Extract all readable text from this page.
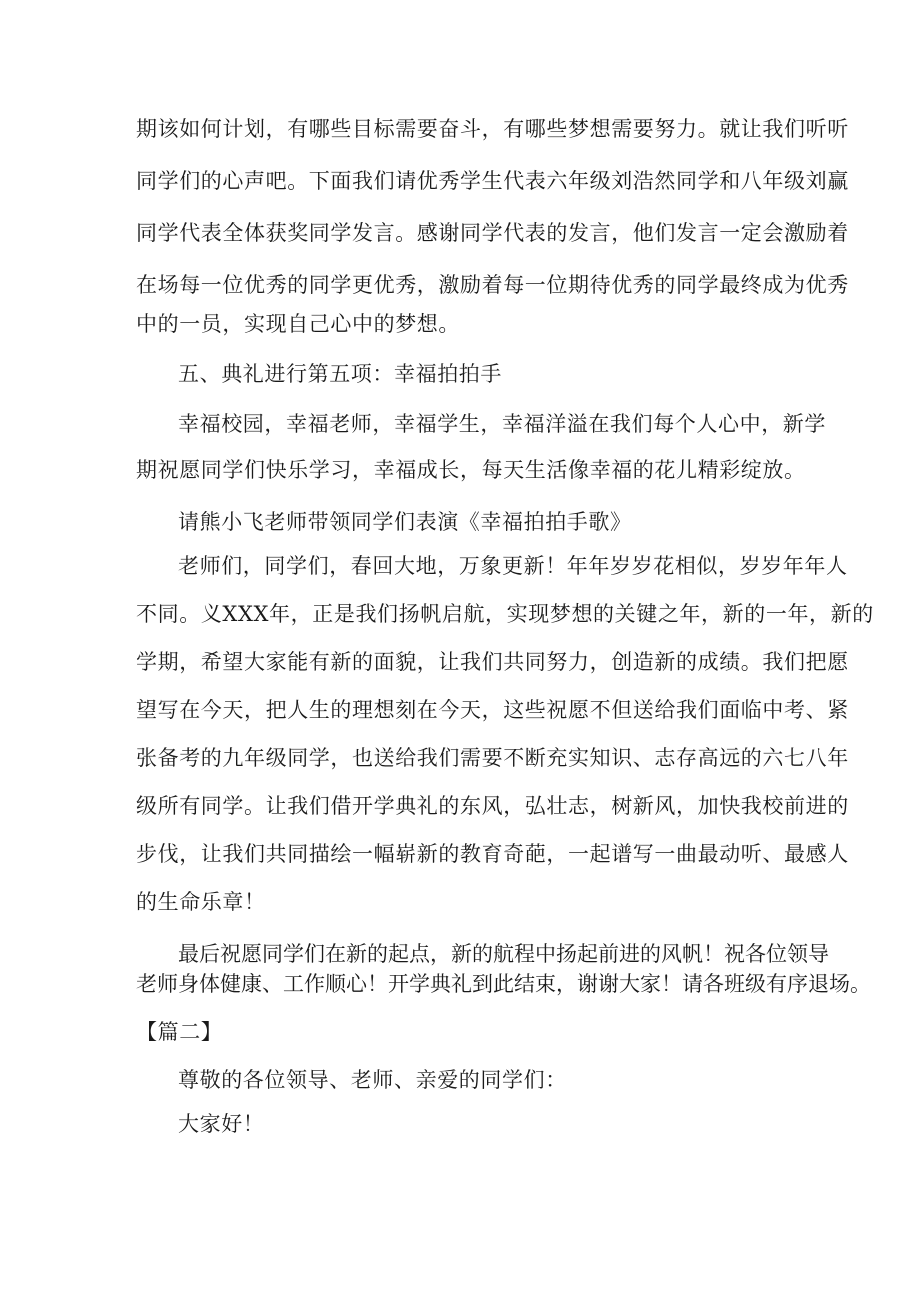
期该如何计划，有哪些目标需要奋斗，有哪些梦想需要努力。就让我们听听
同学们的心声吧。下面我们请优秀学生代表六年级刘浩然同学和八年级刘赢
同学代表全体获奖同学发言。感谢同学代表的发言，他们发言一定会激励着
在场每一位优秀的同学更优秀，激励着每一位期待优秀的同学最终成为优秀
中的一员，实现自己心中的梦想。
五、典礼进行第五项：幸福拍拍手
幸福校园，幸福老师，幸福学生，幸福洋溢在我们每个人心中，新学
期祝愿同学们快乐学习，幸福成长，每天生活像幸福的花儿精彩绽放。
请熊小飞老师带领同学们表演《幸福拍拍手歌》
老师们，同学们，春回大地，万象更新！年年岁岁花相似，岁岁年年人
不同。义XXX年，正是我们扬帆启航，实现梦想的关键之年，新的一年，新的
学期，希望大家能有新的面貌，让我们共同努力，创造新的成绩。我们把愿
望写在今天，把人生的理想刻在今天，这些祝愿不但送给我们面临中考、紧
张备考的九年级同学，也送给我们需要不断充实知识、志存高远的六七八年
级所有同学。让我们借开学典礼的东风，弘壮志，树新风，加快我校前进的
步伐，让我们共同描绘一幅崭新的教育奇葩，一起谱写一曲最动听、最感人
的生命乐章！
最后祝愿同学们在新的起点，新的航程中扬起前进的风帆！祝各位领导
老师身体健康、工作顺心！开学典礼到此结束，谢谢大家！请各班级有序退场。
【篇二】
尊敬的各位领导、老师、亲爱的同学们：
大家好！
